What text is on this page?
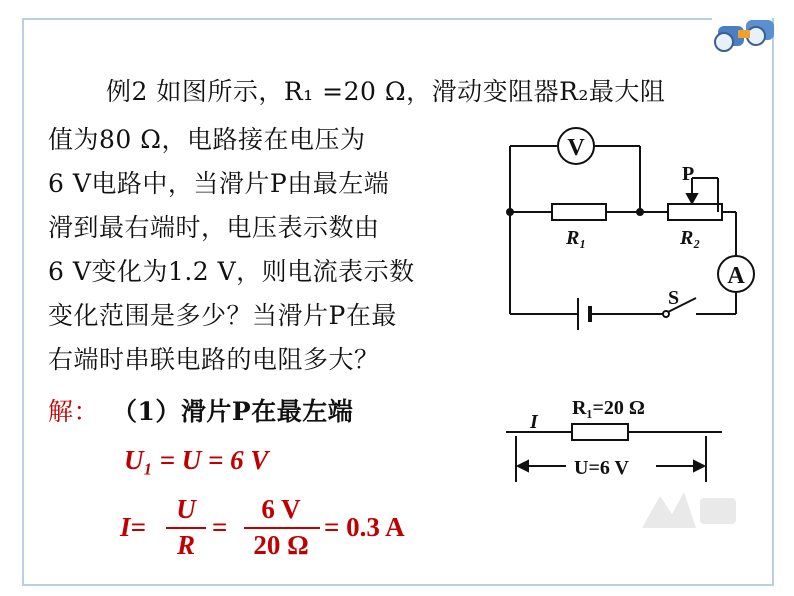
例2 如图所示，R₁ =20 Ω，滑动变阻器R₂最大阻
值为80 Ω，电路接在电压为
6 V电路中，当滑片P由最左端
滑到最右端时，电压表示数由
6 V变化为1.2 V，则电流表示数
变化范围是多少？当滑片P在最
右端时串联电路的电阻多大？
解： （1）滑片P在最左端
U₁ = U = 6 V
I=
U
R
=
6 V
20 Ω
= 0.3 A
V
A
P
S
R₁	R₂
I
R₁=20 Ω
U=6 V
